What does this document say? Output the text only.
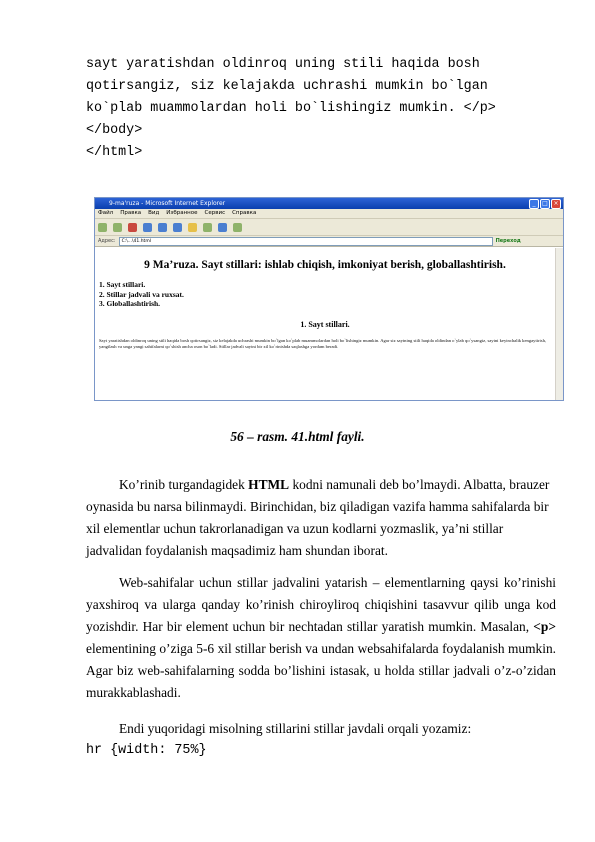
sayt yaratishdan oldinroq uning stili haqida bosh
qotirsangiz, siz kelajakda uchrashi mumkin bo`lgan
ko`plab muammolardan holi bo`lishingiz mumkin. </p>
</body>
</html>
9-ma'ruza - Microsoft Internet Explorer	_	□ ×
Файл Правка Вид Избранное Сервис Справка
Адрес:	C:\...\41.html	Переход
9 Ma’ruza. Sayt stillari: ishlab chiqish, imkoniyat berish, globallashtirish.
1. Sayt stillari.
2. Stillar jadvali va ruxsat.
3. Globallashtirish.
1. Sayt stillari.
Sayt yaratishdan oldinroq uning stili haqida bosh qotirsangiz, siz kelajakda uchrashi mumkin bo`lgan ko`plab muammolardan holi bo`lishingiz mumkin. Agar siz saytning stili haqida oldindan o`ylab qo`ysangiz, saytni keyinchalik kengaytirish, yangilash va unga yangi sahifalarni qo`shish ancha oson bo`ladi. Stillar jadvali saytni bir xil ko`rinishda saqlashga yordam beradi.
56 – rasm. 41.html fayli.

Ko’rinib turgandagidek HTML kodni namunali deb bo’lmaydi. Albatta, brauzer oynasida bu narsa bilinmaydi. Birinchidan, biz qiladigan vazifa hamma sahifalarda bir xil elementlar uchun takrorlanadigan va uzun kodlarni yozmaslik, ya’ni stillar jadvalidan foydalanish maqsadimiz ham shundan iborat.

Web-sahifalar uchun stillar jadvalini yatarish – elementlarning qaysi ko’rinishi yaxshiroq va ularga qanday ko’rinish chiroyliroq chiqishini tasavvur qilib unga kod yozishdir. Har bir element uchun bir nechtadan stillar yaratish mumkin. Masalan, <p> elementining o’ziga 5-6 xil stillar berish va undan websahifalarda foydalanish mumkin. Agar biz web-sahifalarning sodda bo’lishini istasak, u holda stillar jadvali o’z-o’zidan murakkablashadi.

Endi yuqoridagi misolning stillarini stillar javdali orqali yozamiz:

hr {width: 75%}
